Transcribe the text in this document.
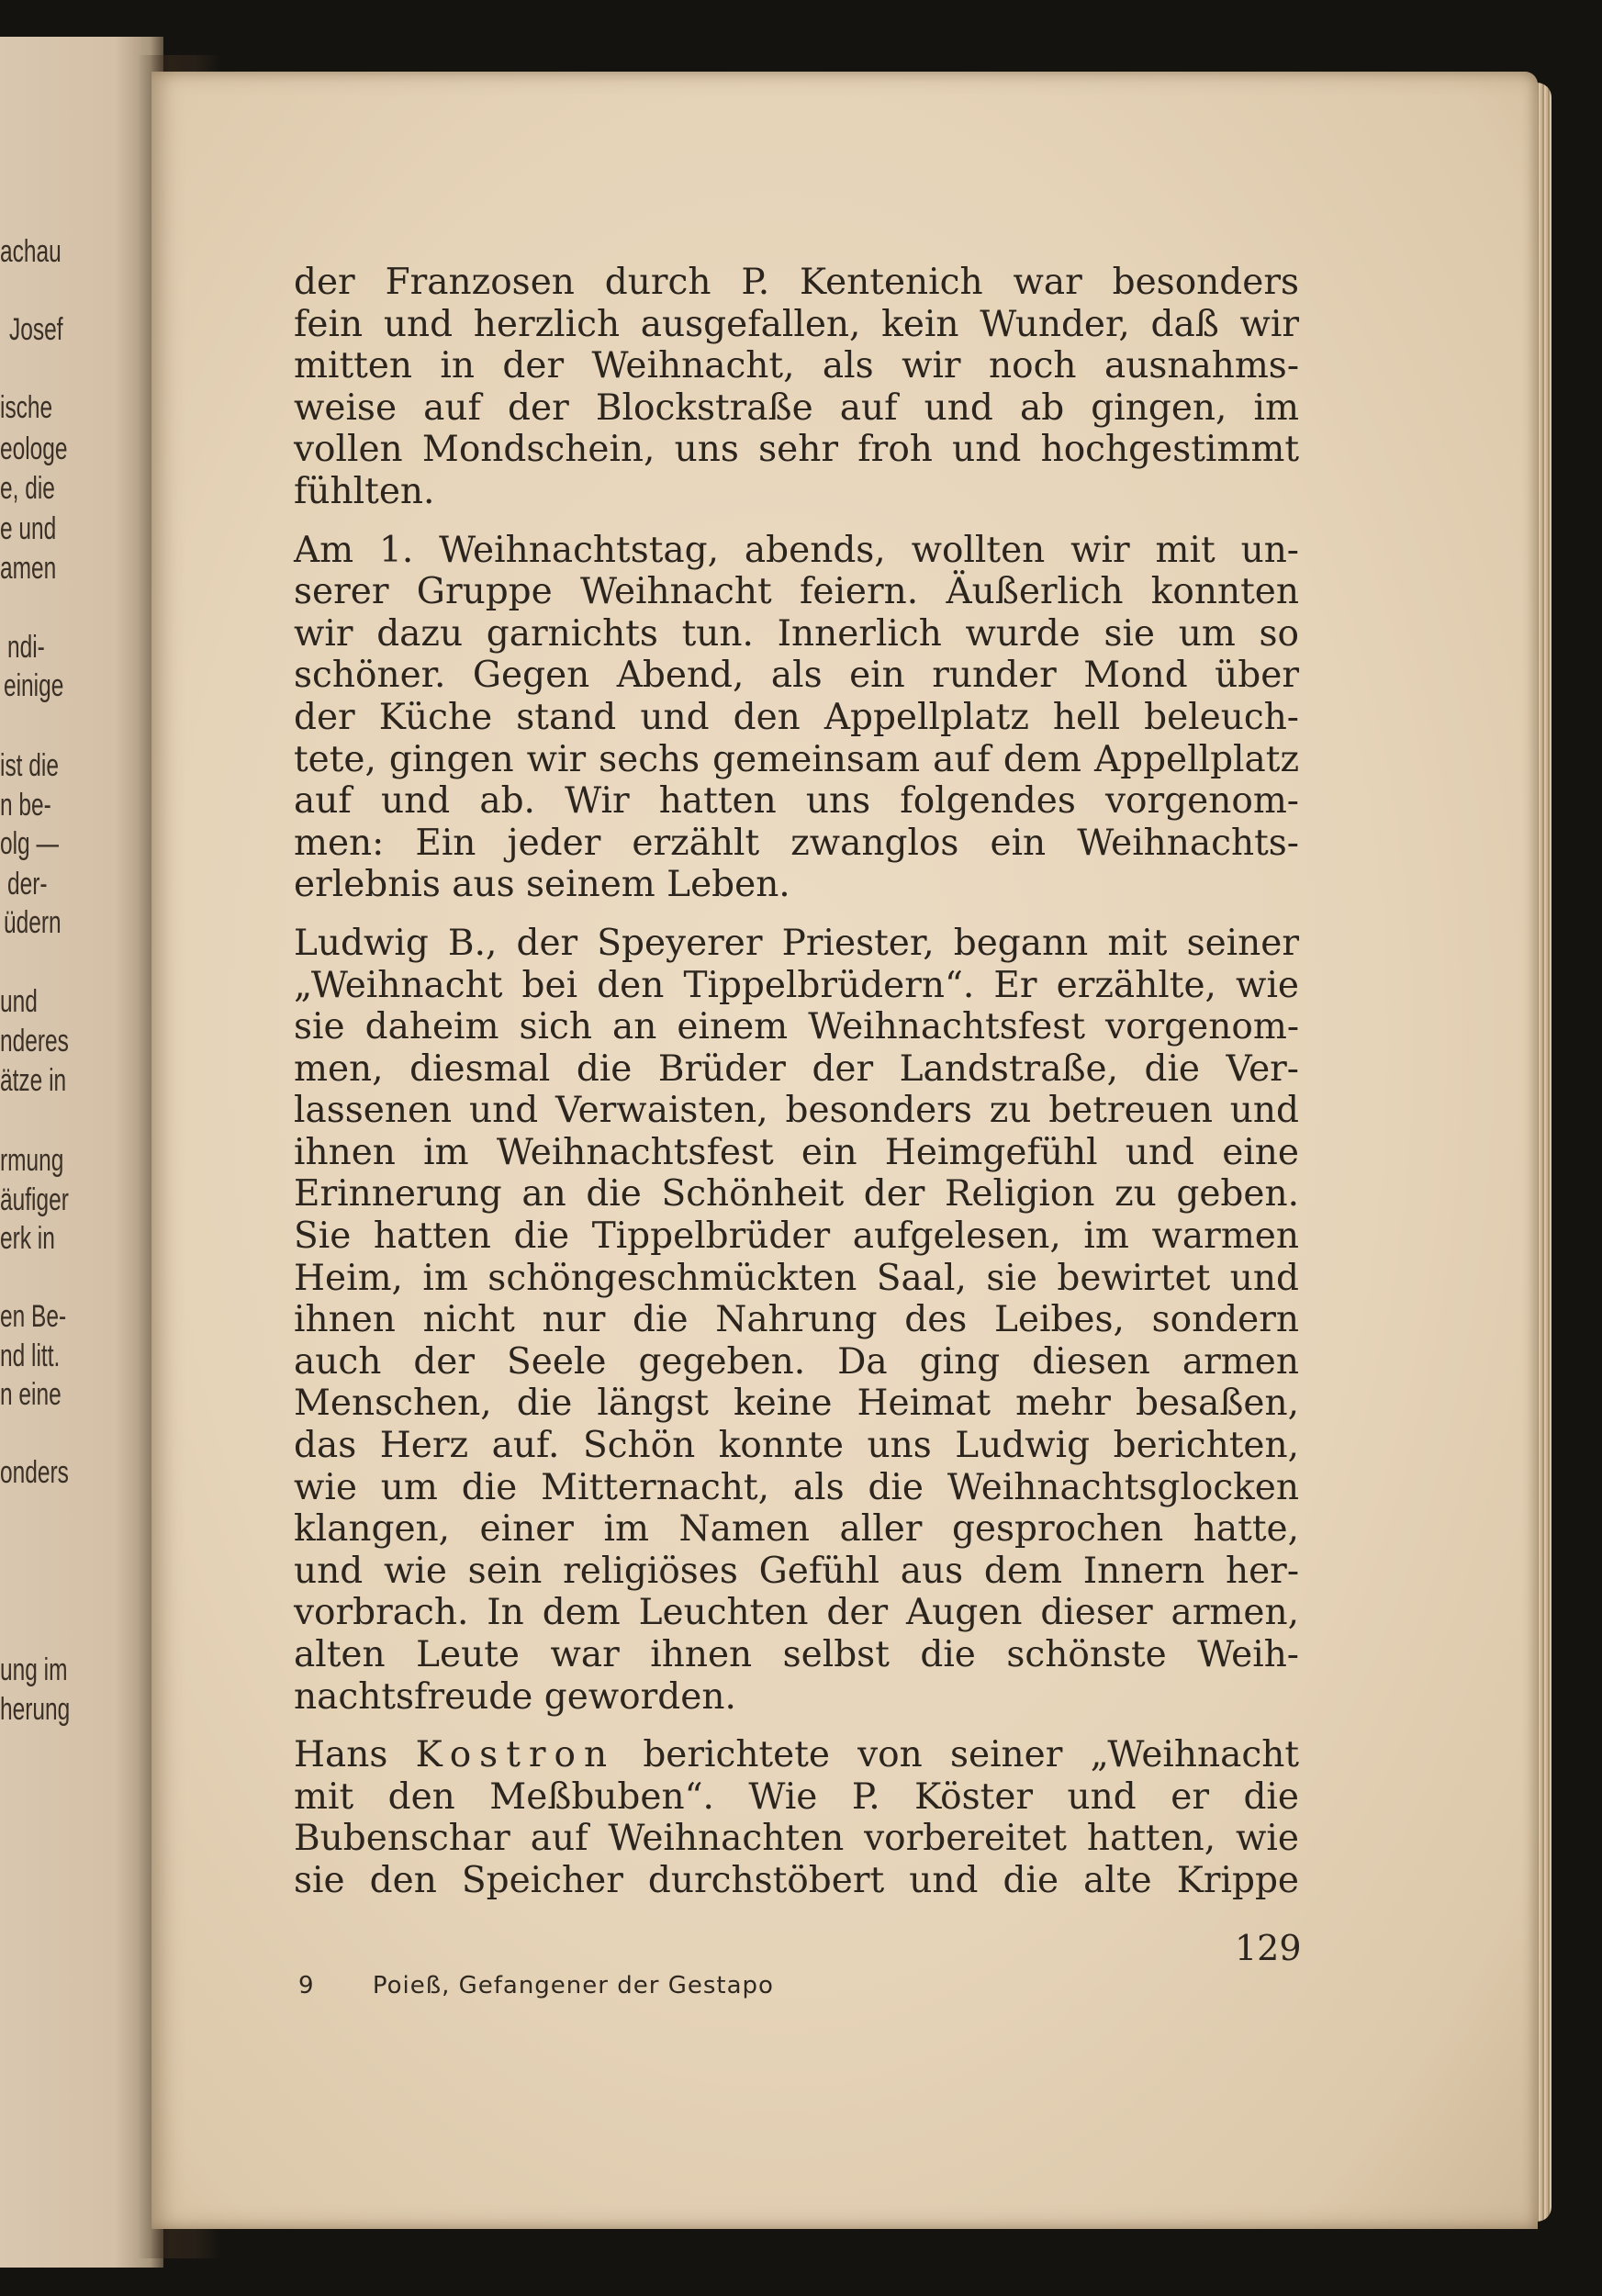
achau
Josef
ische
eologe
e, die
e und
amen
ndi-
einige
ist die
n be-
olg —
der-
üdern
und
nderes
ätze in
rmung
äufiger
erk in
en Be-
nd litt.
n eine
onders
ung im
herung
der Franzosen durch P. Kentenich war besonders
fein und herzlich ausgefallen, kein Wunder, daß wir
mitten in der Weihnacht, als wir noch ausnahms-
weise auf der Blockstraße auf und ab gingen, im
vollen Mondschein, uns sehr froh und hochgestimmt
fühlten.
Am 1. Weihnachtstag, abends, wollten wir mit un-
serer Gruppe Weihnacht feiern. Äußerlich konnten
wir dazu garnichts tun. Innerlich wurde sie um so
schöner. Gegen Abend, als ein runder Mond über
der Küche stand und den Appellplatz hell beleuch-
tete, gingen wir sechs gemeinsam auf dem Appellplatz
auf und ab. Wir hatten uns folgendes vorgenom-
men: Ein jeder erzählt zwanglos ein Weihnachts-
erlebnis aus seinem Leben.
Ludwig B., der Speyerer Priester, begann mit seiner
„Weihnacht bei den Tippelbrüdern“. Er erzählte, wie
sie daheim sich an einem Weihnachtsfest vorgenom-
men, diesmal die Brüder der Landstraße, die Ver-
lassenen und Verwaisten, besonders zu betreuen und
ihnen im Weihnachtsfest ein Heimgefühl und eine
Erinnerung an die Schönheit der Religion zu geben.
Sie hatten die Tippelbrüder aufgelesen, im warmen
Heim, im schöngeschmückten Saal, sie bewirtet und
ihnen nicht nur die Nahrung des Leibes, sondern
auch der Seele gegeben. Da ging diesen armen
Menschen, die längst keine Heimat mehr besaßen,
das Herz auf. Schön konnte uns Ludwig berichten,
wie um die Mitternacht, als die Weihnachtsglocken
klangen, einer im Namen aller gesprochen hatte,
und wie sein religiöses Gefühl aus dem Innern her-
vorbrach. In dem Leuchten der Augen dieser armen,
alten Leute war ihnen selbst die schönste Weih-
nachtsfreude geworden.
Hans Kostron berichtete von seiner „Weihnacht
mit den Meßbuben“. Wie P. Köster und er die
Bubenschar auf Weihnachten vorbereitet hatten, wie
sie den Speicher durchstöbert und die alte Krippe
129
9 Poieß, Gefangener der Gestapo
